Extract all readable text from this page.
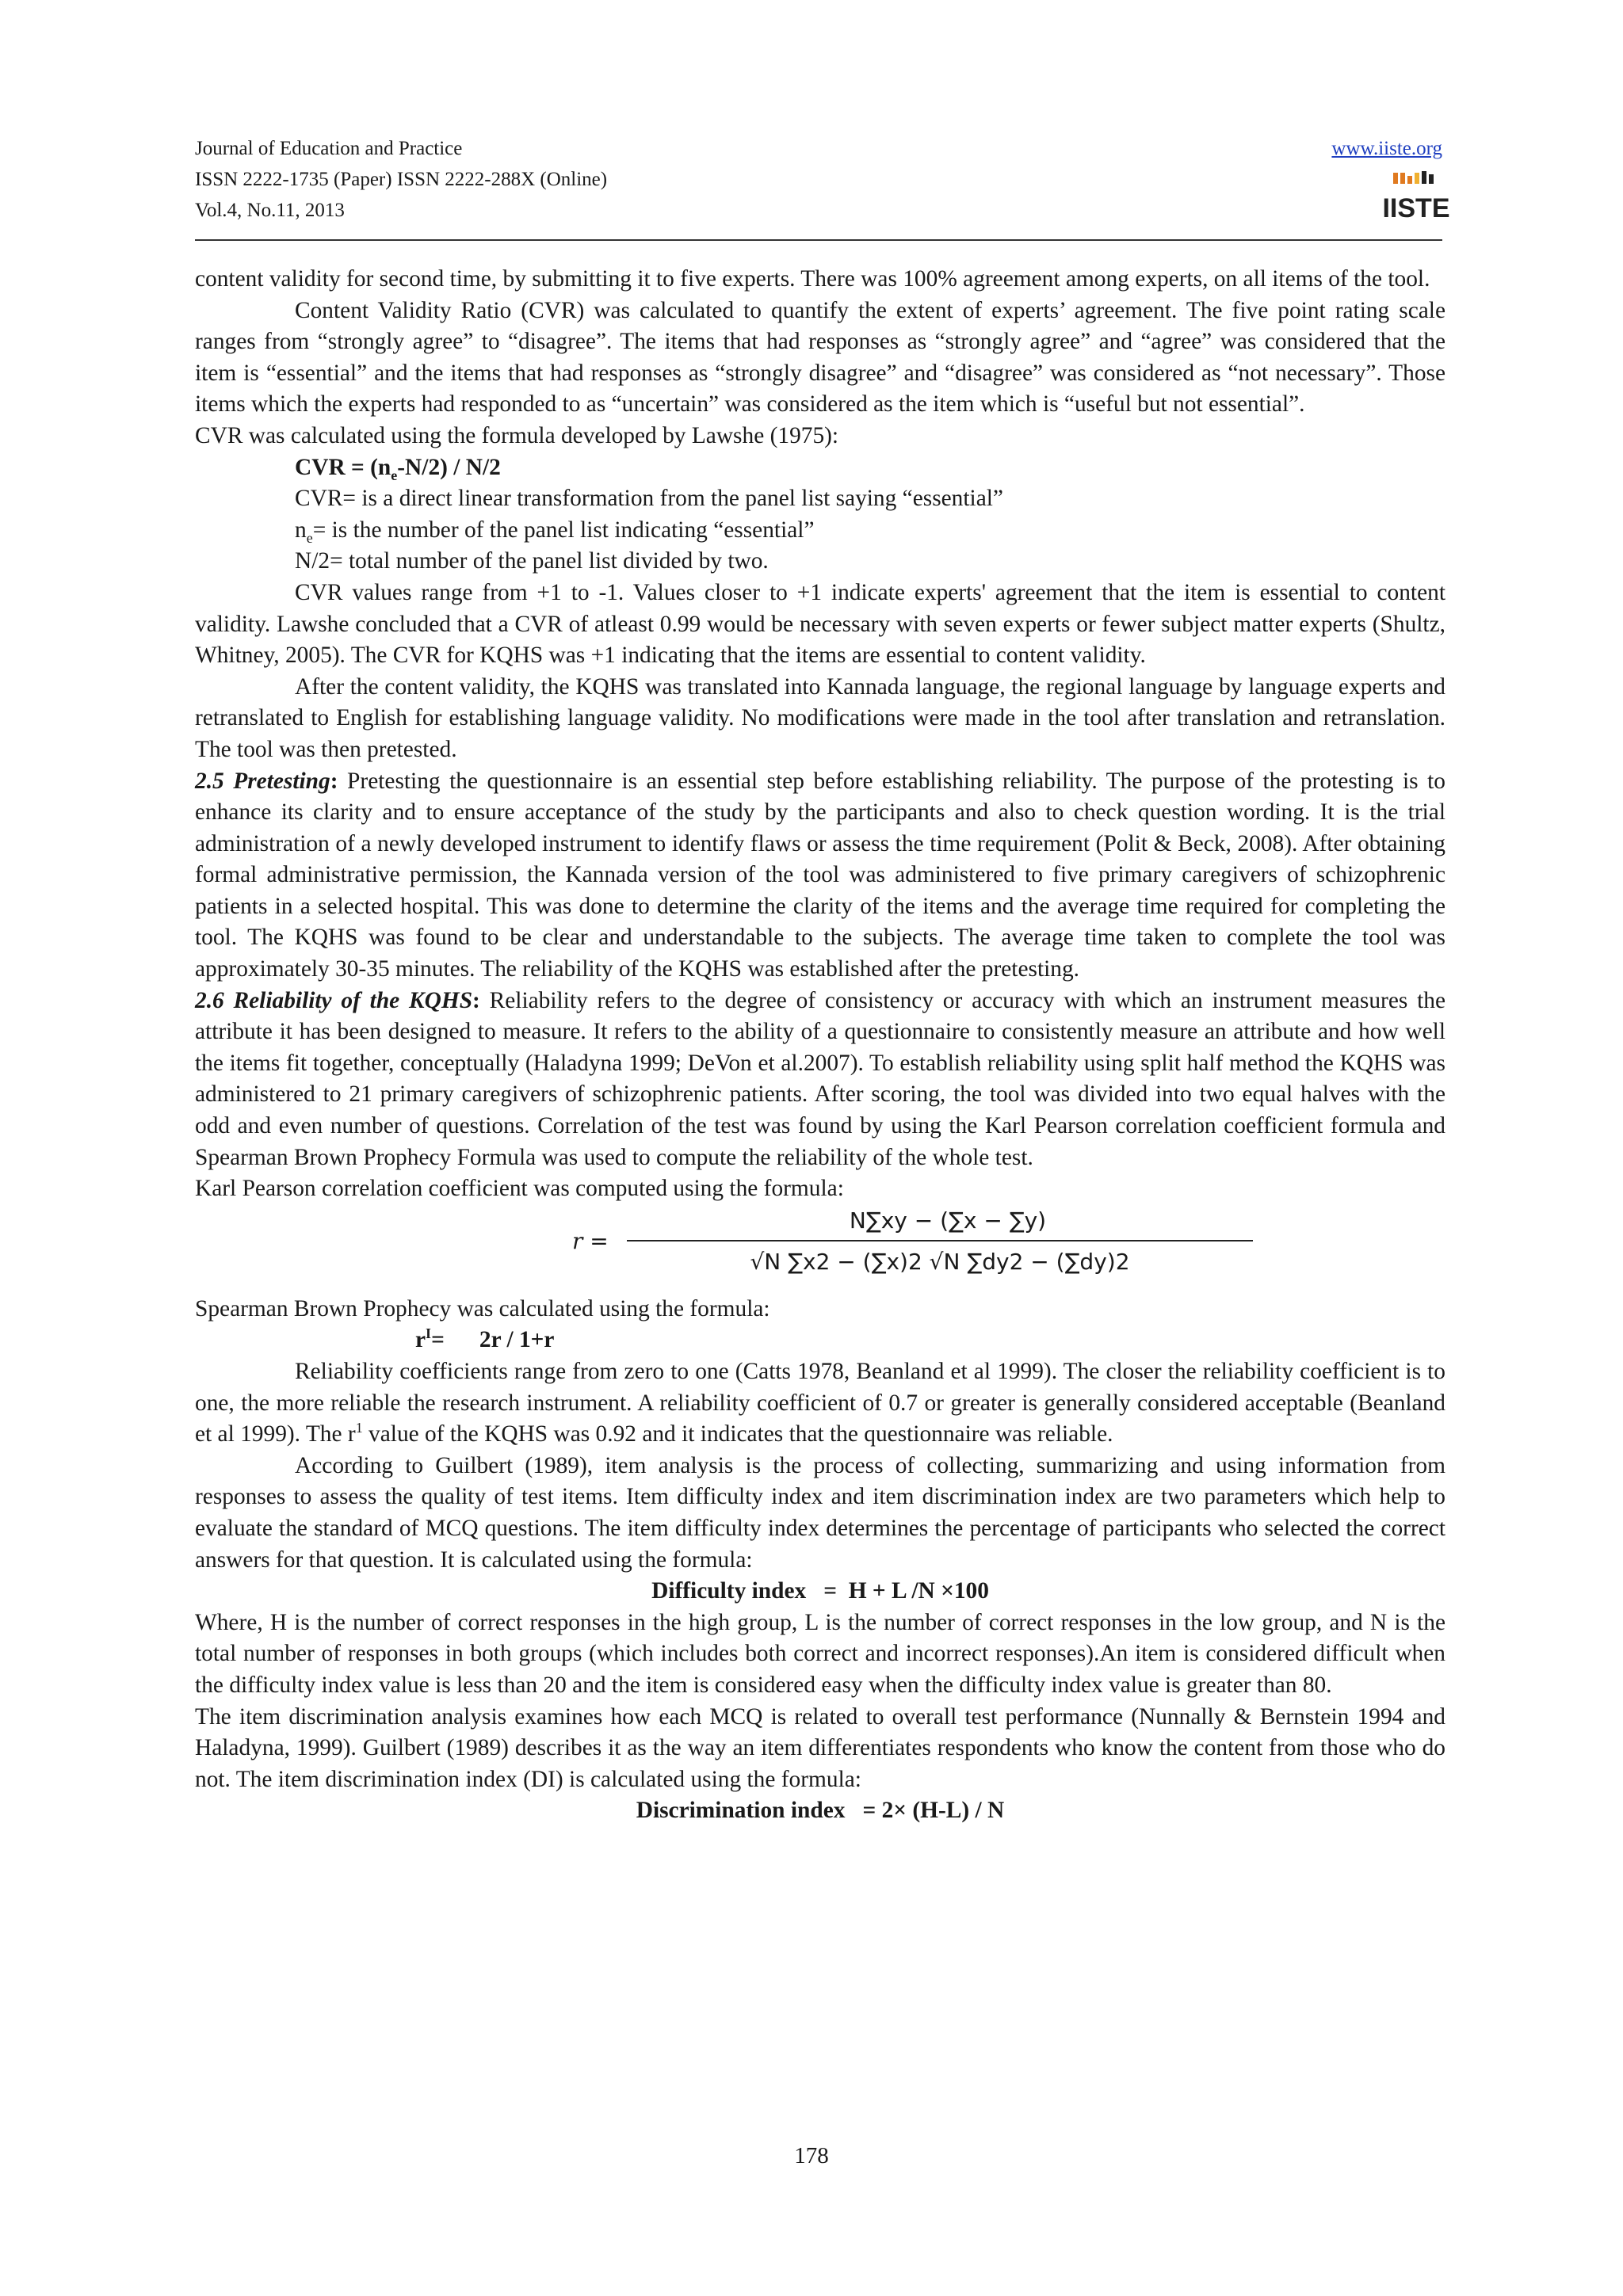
Journal of Education and Practice
ISSN 2222-1735 (Paper) ISSN 2222-288X (Online)
Vol.4, No.11, 2013
www.iiste.org
IISTE

content validity for second time, by submitting it to five experts. There was 100% agreement among experts, on all items of the tool.

Content Validity Ratio (CVR) was calculated to quantify the extent of experts’ agreement. The five point rating scale ranges from “strongly agree” to “disagree”. The items that had responses as “strongly agree” and “agree” was considered that the item is “essential” and the items that had responses as “strongly disagree” and “disagree” was considered as “not necessary”. Those items which the experts had responded to as “uncertain” was considered as the item which is “useful but not essential”.

CVR was calculated using the formula developed by Lawshe (1975):

CVR = $(n_e-N/2) / N/2$

CVR= is a direct linear transformation from the panel list saying “essential”

$n_e=$ is the number of the panel list indicating “essential”

N/2= total number of the panel list divided by two.

CVR values range from +1 to -1. Values closer to +1 indicate experts' agreement that the item is essential to content validity. Lawshe concluded that a CVR of atleast 0.99 would be necessary with seven experts or fewer subject matter experts (Shultz, Whitney, 2005). The CVR for KQHS was +1 indicating that the items are essential to content validity.

After the content validity, the KQHS was translated into Kannada language, the regional language by language experts and retranslated to English for establishing language validity. No modifications were made in the tool after translation and retranslation. The tool was then pretested.

2.5 Pretesting: Pretesting the questionnaire is an essential step before establishing reliability. The purpose of the protesting is to enhance its clarity and to ensure acceptance of the study by the participants and also to check question wording. It is the trial administration of a newly developed instrument to identify flaws or assess the time requirement (Polit & Beck, 2008). After obtaining formal administrative permission, the Kannada version of the tool was administered to five primary caregivers of schizophrenic patients in a selected hospital. This was done to determine the clarity of the items and the average time required for completing the tool. The KQHS was found to be clear and understandable to the subjects. The average time taken to complete the tool was approximately 30-35 minutes. The reliability of the KQHS was established after the pretesting.

2.6 Reliability of the KQHS: Reliability refers to the degree of consistency or accuracy with which an instrument measures the attribute it has been designed to measure. It refers to the ability of a questionnaire to consistently measure an attribute and how well the items fit together, conceptually (Haladyna 1999; DeVon et al.2007). To establish reliability using split half method the KQHS was administered to 21 primary caregivers of schizophrenic patients. After scoring, the tool was divided into two equal halves with the odd and even number of questions. Correlation of the test was found by using the Karl Pearson correlation coefficient formula and Spearman Brown Prophecy Formula was used to compute the reliability of the whole test.

Karl Pearson correlation coefficient was computed using the formula:

r =
N∑xy − (∑x − ∑y)
√N ∑x2 − (∑x)2 √N ∑dy2 − (∑dy)2

Spearman Brown Prophecy was calculated using the formula:

$r^I=$      2r / 1+r

Reliability coefficients range from zero to one (Catts 1978, Beanland et al 1999). The closer the reliability coefficient is to one, the more reliable the research instrument. A reliability coefficient of 0.7 or greater is generally considered acceptable (Beanland et al 1999). The $r^1$ value of the KQHS was 0.92 and it indicates that the questionnaire was reliable.

According to Guilbert (1989), item analysis is the process of collecting, summarizing and using information from responses to assess the quality of test items. Item difficulty index and item discrimination index are two parameters which help to evaluate the standard of MCQ questions. The item difficulty index determines the percentage of participants who selected the correct answers for that question. It is calculated using the formula:

Difficulty index   =  H + L /N ×100

Where, H is the number of correct responses in the high group, L is the number of correct responses in the low group, and N is the total number of responses in both groups (which includes both correct and incorrect responses).An item is considered difficult when the difficulty index value is less than 20 and the item is considered easy when the difficulty index value is greater than 80.

The item discrimination analysis examines how each MCQ is related to overall test performance (Nunnally & Bernstein 1994 and Haladyna, 1999). Guilbert (1989) describes it as the way an item differentiates respondents who know the content from those who do not. The item discrimination index (DI) is calculated using the formula:

Discrimination index   = 2× (H-L) / N

178
